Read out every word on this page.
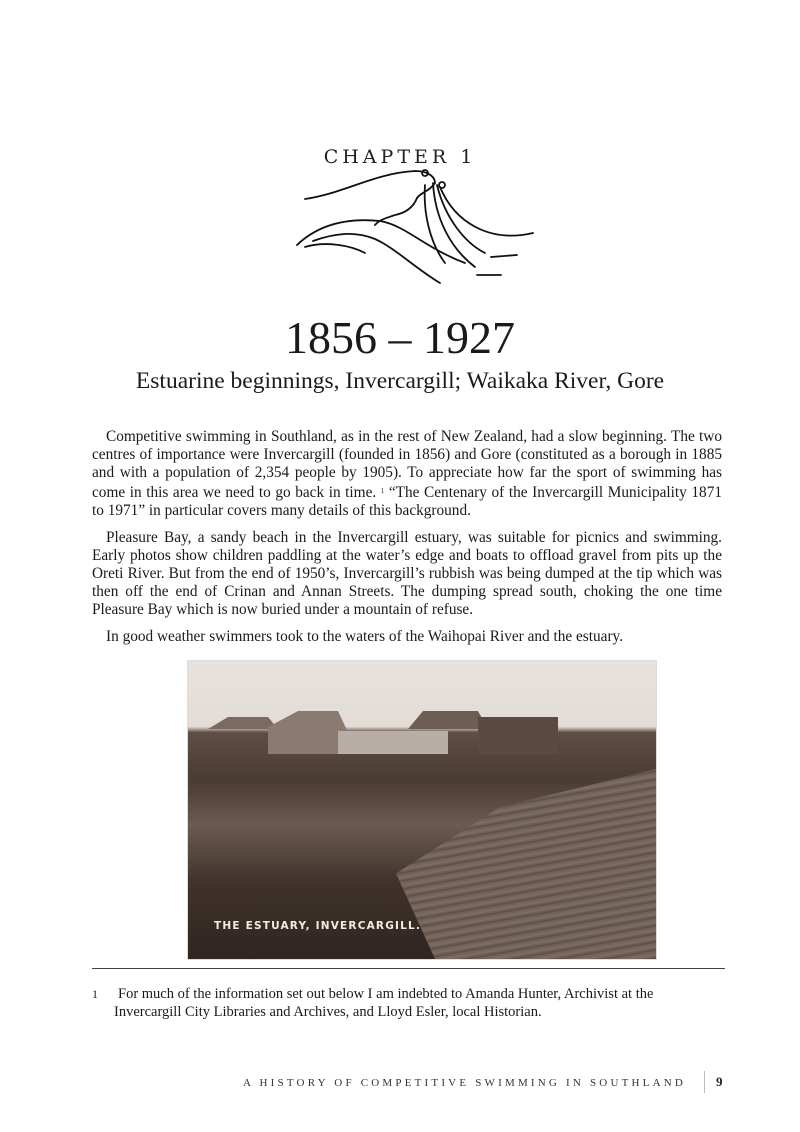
CHAPTER 1
1856 – 1927
Estuarine beginnings, Invercargill; Waikaka River, Gore

Competitive swimming in Southland, as in the rest of New Zealand, had a slow beginning. The two centres of importance were Invercargill (founded in 1856) and Gore (constituted as a borough in 1885 and with a population of 2,354 people by 1905). To appreciate how far the sport of swimming has come in this area we need to go back in time. $^1$ “The Centenary of the Invercargill Municipality 1871 to 1971” in particular covers many details of this background.

Pleasure Bay, a sandy beach in the Invercargill estuary, was suitable for picnics and swimming. Early photos show children paddling at the water’s edge and boats to offload gravel from pits up the Oreti River. But from the end of 1950’s, Invercargill’s rubbish was being dumped at the tip which was then off the end of Crinan and Annan Streets. The dumping spread south, choking the one time Pleasure Bay which is now buried under a mountain of refuse.

In good weather swimmers took to the waters of the Waihopai River and the estuary.

THE ESTUARY, INVERCARGILL.
1 For much of the information set out below I am indebted to Amanda Hunter, Archivist at the Invercargill City Libraries and Archives, and Lloyd Esler, local Historian.
A HISTORY OF COMPETITIVE SWIMMING IN SOUTHLAND 9
